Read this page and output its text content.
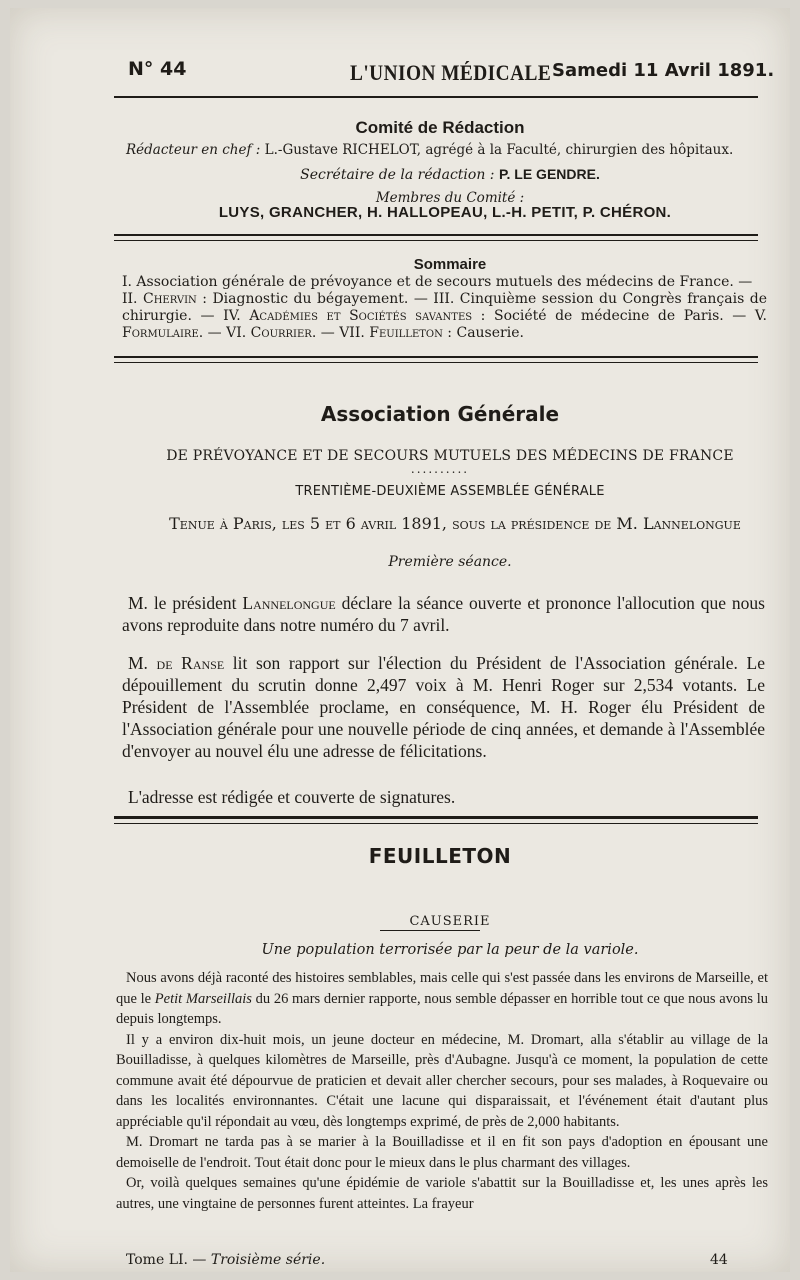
N° 44	L'UNION MÉDICALE Samedi 11 Avril 1891.
Comité de Rédaction
Rédacteur en chef : L.-Gustave RICHELOT, agrégé à la Faculté, chirurgien des hôpitaux.
Secrétaire de la rédaction : P. LE GENDRE.
Membres du Comité :
LUYS, GRANCHER, H. HALLOPEAU, L.-H. PETIT, P. CHÉRON.
Sommaire
I. Association générale de prévoyance et de secours mutuels des médecins de France. —
II. Chervin : Diagnostic du bégayement. — III. Cinquième session du Congrès français de chirurgie. — IV. Académies et Sociétés savantes : Société de médecine de Paris. — V. Formulaire. — VI. Courrier. — VII. Feuilleton : Causerie.
Association Générale
DE PRÉVOYANCE ET DE SECOURS MUTUELS DES MÉDECINS DE FRANCE
..........
TRENTIÈME-DEUXIÈME ASSEMBLÉE GÉNÉRALE
Tenue à Paris, les 5 et 6 avril 1891, sous la présidence de M. Lannelongue
Première séance.
M. le président Lannelongue déclare la séance ouverte et prononce l'allocution que nous avons reproduite dans notre numéro du 7 avril.
M. de Ranse lit son rapport sur l'élection du Président de l'Association générale. Le dépouillement du scrutin donne 2,497 voix à M. Henri Roger sur 2,534 votants. Le Président de l'Assemblée proclame, en conséquence, M. H. Roger élu Président de l'Association générale pour une nouvelle période de cinq années, et demande à l'Assemblée d'envoyer au nouvel élu une adresse de félicitations.
L'adresse est rédigée et couverte de signatures.
FEUILLETON
CAUSERIE
Une population terrorisée par la peur de la variole.

Nous avons déjà raconté des histoires semblables, mais celle qui s'est passée dans les environs de Marseille, et que le Petit Marseillais du 26 mars dernier rapporte, nous semble dépasser en horrible tout ce que nous avons lu depuis longtemps.

Il y a environ dix-huit mois, un jeune docteur en médecine, M. Dromart, alla s'établir au village de la Bouilladisse, à quelques kilomètres de Marseille, près d'Aubagne. Jusqu'à ce moment, la population de cette commune avait été dépourvue de praticien et devait aller chercher secours, pour ses malades, à Roquevaire ou dans les localités environnantes. C'était une lacune qui disparaissait, et l'événement était d'autant plus appréciable qu'il répondait au vœu, dès longtemps exprimé, de près de 2,000 habitants.

M. Dromart ne tarda pas à se marier à la Bouilladisse et il en fit son pays d'adoption en épousant une demoiselle de l'endroit. Tout était donc pour le mieux dans le plus charmant des villages.

Or, voilà quelques semaines qu'une épidémie de variole s'abattit sur la Bouilladisse et, les unes après les autres, une vingtaine de personnes furent atteintes. La frayeur

Tome LI. — Troisième série.	44
